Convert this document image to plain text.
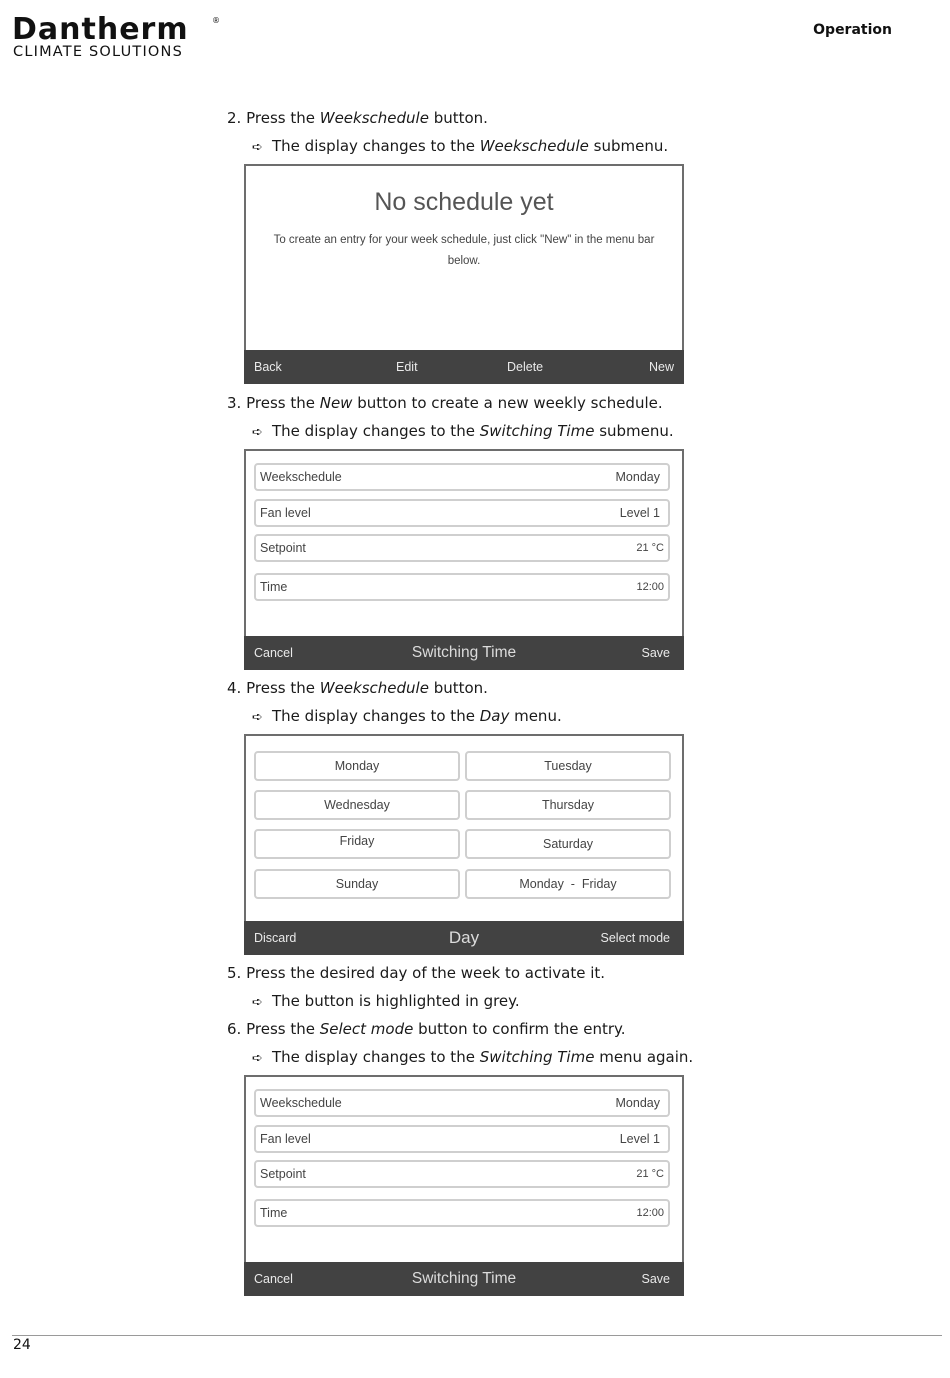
Dantherm	®
CLIMATE SOLUTIONS
Operation
2. Press the Weekschedule button.
➪ The display changes to the Weekschedule submenu.
No schedule yet
To create an entry for your week schedule, just click "New" in the menu bar below.
Back	Edit	Delete	New
3. Press the New button to create a new weekly schedule.
➪ The display changes to the Switching Time submenu.
Weekschedule	Monday
Fan level	Level 1
Setpoint	21 °C
Time	12:00
Switching Time
Cancel	Save
4. Press the Weekschedule button.
➪ The display changes to the Day menu.
Monday	Tuesday
Wednesday	Thursday
Friday	Saturday
Sunday	Monday  -  Friday
Day
Discard	Select mode
5. Press the desired day of the week to activate it.
➪ The button is highlighted in grey.
6. Press the Select mode button to confirm the entry.
➪ The display changes to the Switching Time menu again.
Weekschedule	Monday
Fan level	Level 1
Setpoint	21 °C
Time	12:00
Switching Time
Cancel	Save
24
